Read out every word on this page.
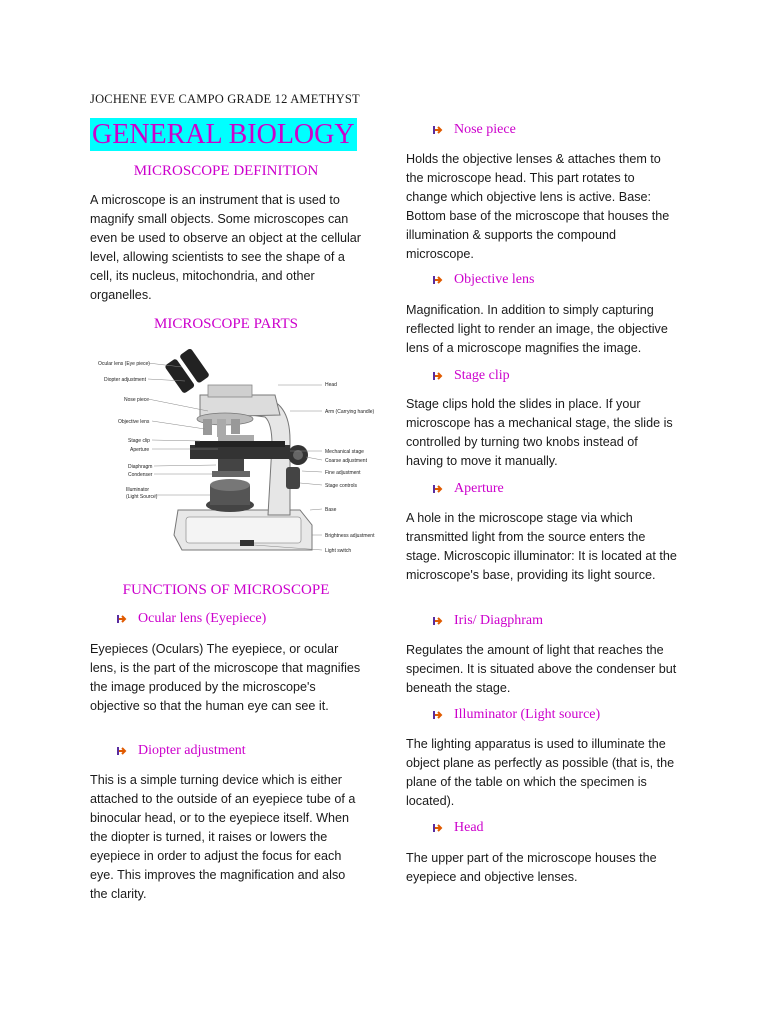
JOCHENE EVE CAMPO GRADE 12 AMETHYST
GENERAL BIOLOGY
MICROSCOPE DEFINITION
A microscope is an instrument that is used to magnify small objects. Some microscopes can even be used to observe an object at the cellular level, allowing scientists to see the shape of a cell, its nucleus, mitochondria, and other organelles.
MICROSCOPE PARTS
Ocular lens (Eye piece)
Diopter adjustment
Nose piece
Objective lens
Stage clip
Aperture
Diaphragm
Condenser
Illuminator
(Light Source)
Head
Arm (Carrying handle)
Mechanical stage
Coarse adjustment
Fine adjustment
Stage controls
Base
Brightness adjustment
Light switch
FUNCTIONS OF MICROSCOPE
Ocular lens (Eyepiece)
Eyepieces (Oculars) The eyepiece, or ocular lens, is the part of the microscope that magnifies the image produced by the microscope's objective so that the human eye can see it.
Diopter adjustment
This is a simple turning device which is either attached to the outside of an eyepiece tube of a binocular head, or to the eyepiece itself. When the diopter is turned, it raises or lowers the eyepiece in order to adjust the focus for each eye. This improves the magnification and also the clarity.
Nose piece
Holds the objective lenses & attaches them to the microscope head. This part rotates to change which objective lens is active. Base: Bottom base of the microscope that houses the illumination & supports the compound microscope.
Objective lens
Magnification. In addition to simply capturing reflected light to render an image, the objective lens of a microscope magnifies the image.
Stage clip
Stage clips hold the slides in place. If your microscope has a mechanical stage, the slide is controlled by turning two knobs instead of having to move it manually.
Aperture
A hole in the microscope stage via which transmitted light from the source enters the stage. Microscopic illuminator: It is located at the microscope's base, providing its light source.
Iris/ Diagphram
Regulates the amount of light that reaches the specimen. It is situated above the condenser but beneath the stage.
Illuminator (Light source)
The lighting apparatus is used to illuminate the object plane as perfectly as possible (that is, the plane of the table on which the specimen is located).
Head
The upper part of the microscope houses the eyepiece and objective lenses.
